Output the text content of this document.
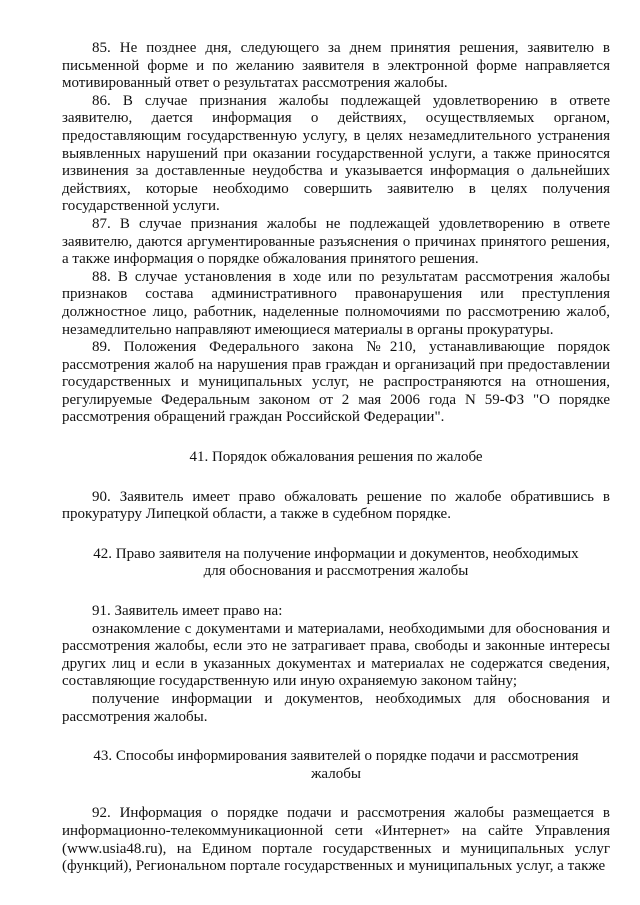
85. Не позднее дня, следующего за днем принятия решения, заявителю в письменной форме и по желанию заявителя в электронной форме направляется мотивированный ответ о результатах рассмотрения жалобы.

86. В случае признания жалобы подлежащей удовлетворению в ответе заявителю, дается информация о действиях, осуществляемых органом, предоставляющим государственную услугу, в целях незамедлительного устранения выявленных нарушений при оказании государственной услуги, а также приносятся извинения за доставленные неудобства и указывается информация о дальнейших действиях, которые необходимо совершить заявителю в целях получения государственной услуги.

87. В случае признания жалобы не подлежащей удовлетворению в ответе заявителю, даются аргументированные разъяснения о причинах принятого решения, а также информация о порядке обжалования принятого решения.

88. В случае установления в ходе или по результатам рассмотрения жалобы признаков состава административного правонарушения или преступления должностное лицо, работник, наделенные полномочиями по рассмотрению жалоб, незамедлительно направляют имеющиеся материалы в органы прокуратуры.

89. Положения Федерального закона №210, устанавливающие порядок рассмотрения жалоб на нарушения прав граждан и организаций при предоставлении государственных и муниципальных услуг, не распространяются на отношения, регулируемые Федеральным законом от 2 мая 2006 года N 59-ФЗ "О порядке рассмотрения обращений граждан Российской Федерации".

41. Порядок обжалования решения по жалобе

90. Заявитель имеет право обжаловать решение по жалобе обратившись в прокуратуру Липецкой области, а также в судебном порядке.

42. Право заявителя на получение информации и документов, необходимых для обоснования и рассмотрения жалобы

91. Заявитель имеет право на:

ознакомление с документами и материалами, необходимыми для обоснования и рассмотрения жалобы, если это не затрагивает права, свободы и законные интересы других лиц и если в указанных документах и материалах не содержатся сведения, составляющие государственную или иную охраняемую законом тайну;

получение информации и документов, необходимых для обоснования и рассмотрения жалобы.

43. Способы информирования заявителей о порядке подачи и рассмотрения жалобы

92. Информация о порядке подачи и рассмотрения жалобы размещается в информационно-телекоммуникационной сети «Интернет» на сайте Управления (www.usia48.ru), на Едином портале государственных и муниципальных услуг (функций), Региональном портале государственных и муниципальных услуг, а также
